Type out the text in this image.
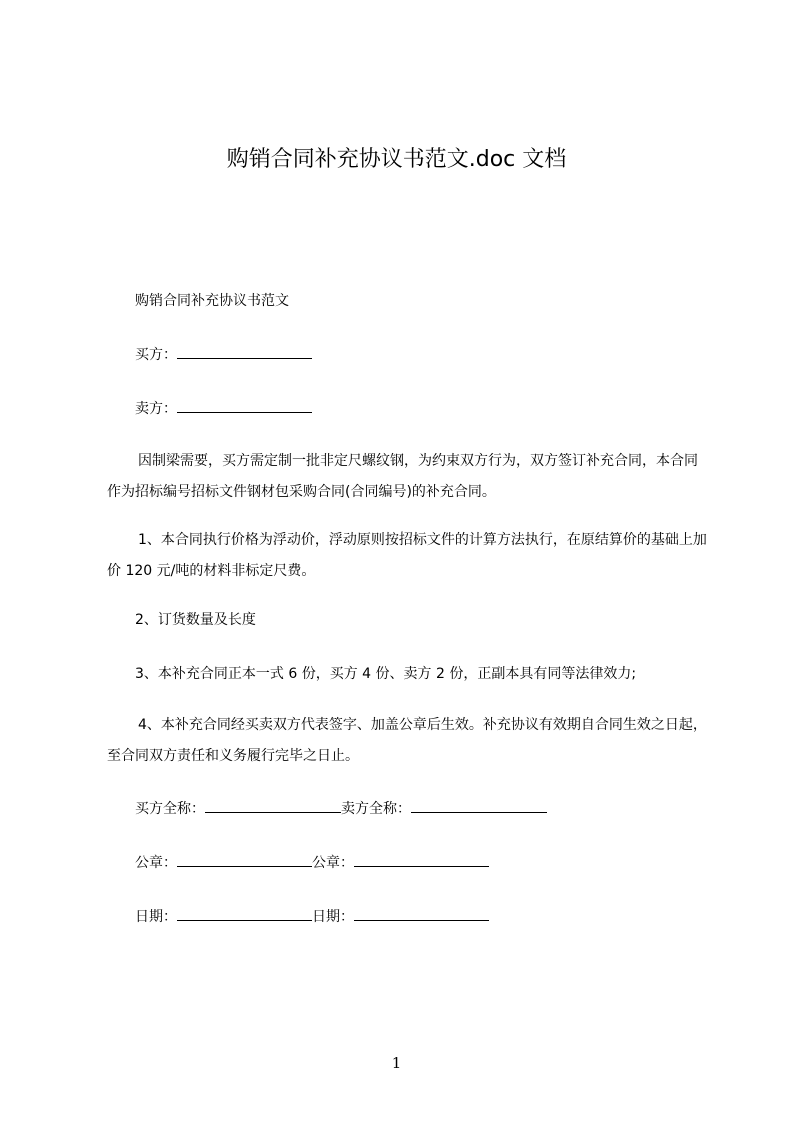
购销合同补充协议书范文.doc 文档
购销合同补充协议书范文
买方：
卖方：
因制梁需要，买方需定制一批非定尺螺纹钢，为约束双方行为，双方签订补充合同，本合同作为招标编号招标文件钢材包采购合同(合同编号)的补充合同。
1、本合同执行价格为浮动价，浮动原则按招标文件的计算方法执行，在原结算价的基础上加价 120 元/吨的材料非标定尺费。
2、订货数量及长度
3、本补充合同正本一式 6 份，买方 4 份、卖方 2 份，正副本具有同等法律效力;
4、本补充合同经买卖双方代表签字、加盖公章后生效。补充协议有效期自合同生效之日起，至合同双方责任和义务履行完毕之日止。
买方全称：	卖方全称：
公章：	公章：
日期：	日期：
1
